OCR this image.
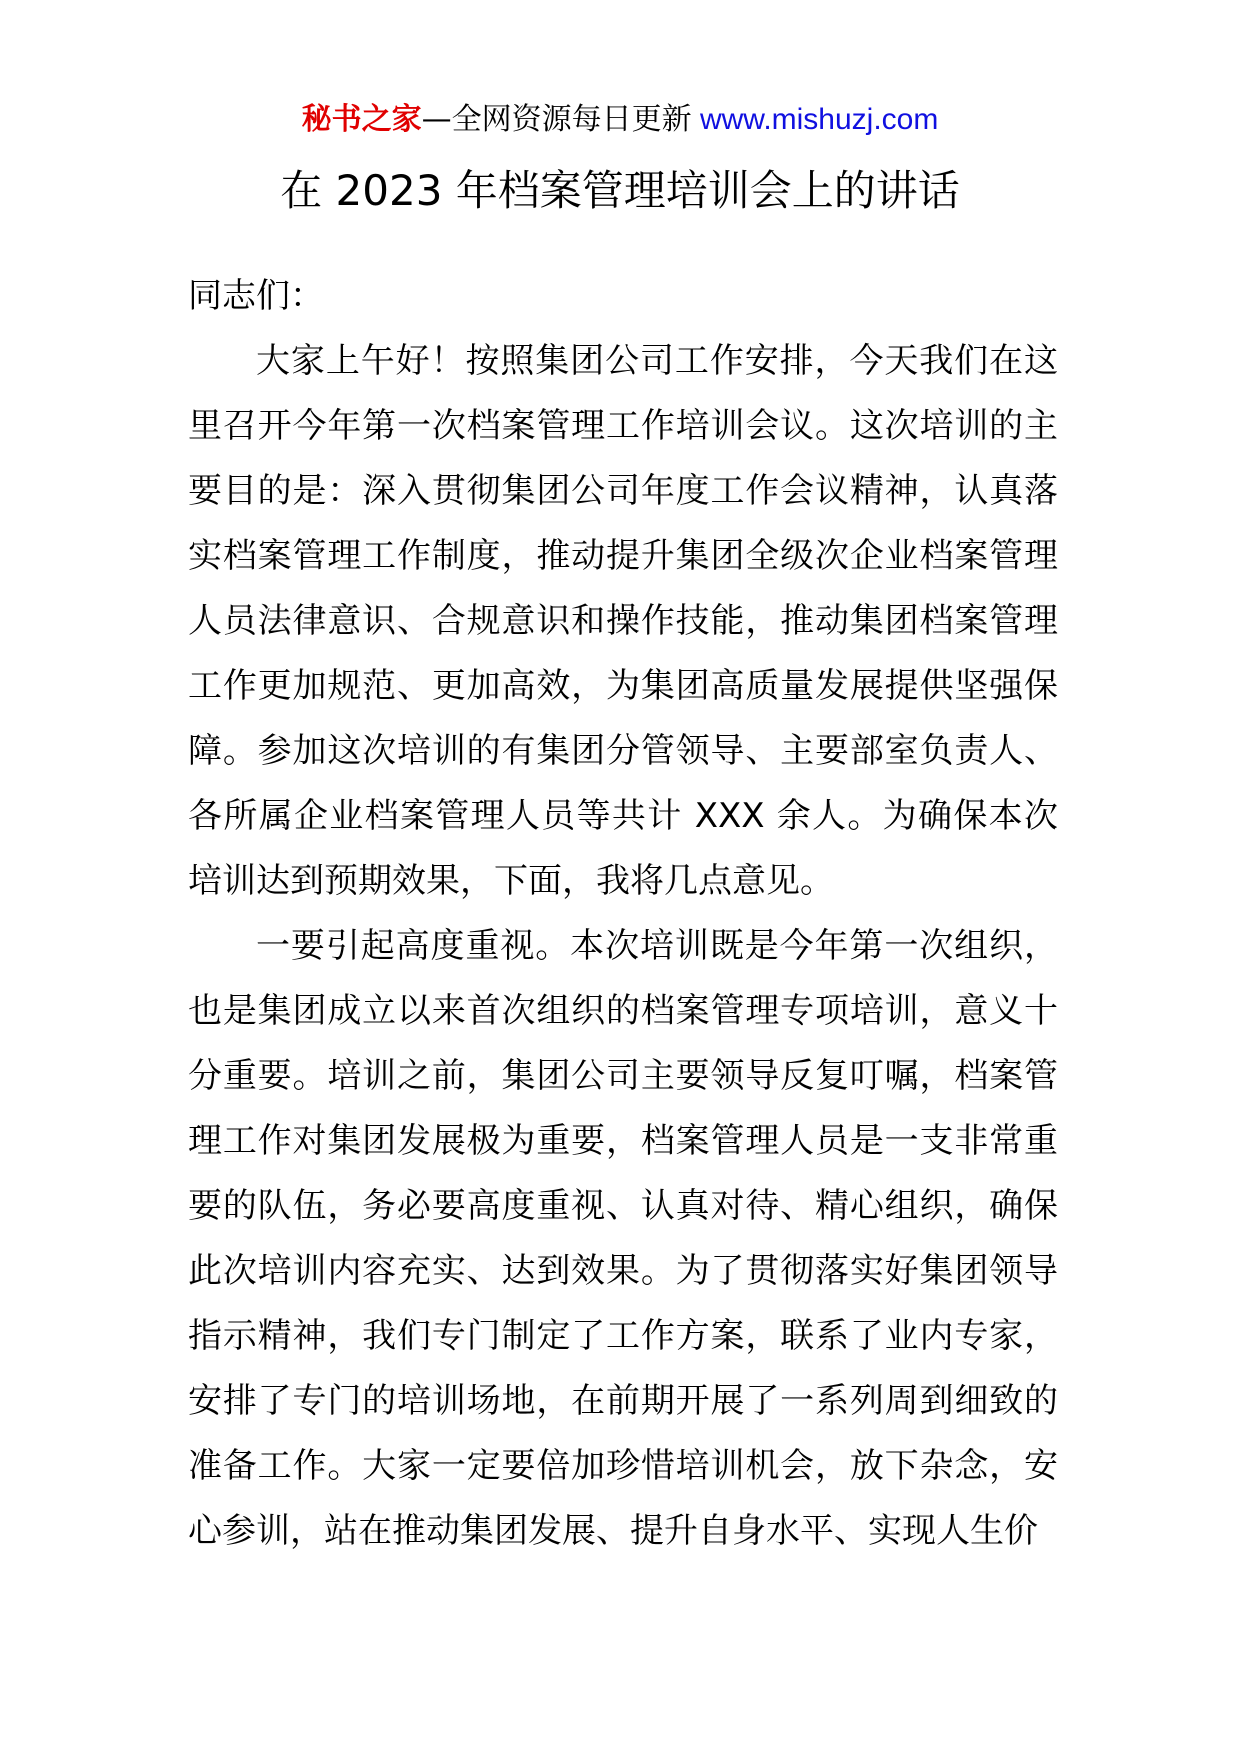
秘书之家—全网资源每日更新 www.mishuzj.com
在 2023 年档案管理培训会上的讲话

同志们：

大家上午好！按照集团公司工作安排，今天我们在这里召开今年第一次档案管理工作培训会议。这次培训的主要目的是：深入贯彻集团公司年度工作会议精神，认真落实档案管理工作制度，推动提升集团全级次企业档案管理人员法律意识、合规意识和操作技能，推动集团档案管理工作更加规范、更加高效，为集团高质量发展提供坚强保障。参加这次培训的有集团分管领导、主要部室负责人、各所属企业档案管理人员等共计 XXX 余人。为确保本次培训达到预期效果，下面，我将几点意见。

一要引起高度重视。本次培训既是今年第一次组织，也是集团成立以来首次组织的档案管理专项培训，意义十分重要。培训之前，集团公司主要领导反复叮嘱，档案管理工作对集团发展极为重要，档案管理人员是一支非常重要的队伍，务必要高度重视、认真对待、精心组织，确保此次培训内容充实、达到效果。为了贯彻落实好集团领导指示精神，我们专门制定了工作方案，联系了业内专家，安排了专门的培训场地，在前期开展了一系列周到细致的准备工作。大家一定要倍加珍惜培训机会，放下杂念，安心参训，站在推动集团发展、提升自身水平、实现人生价
